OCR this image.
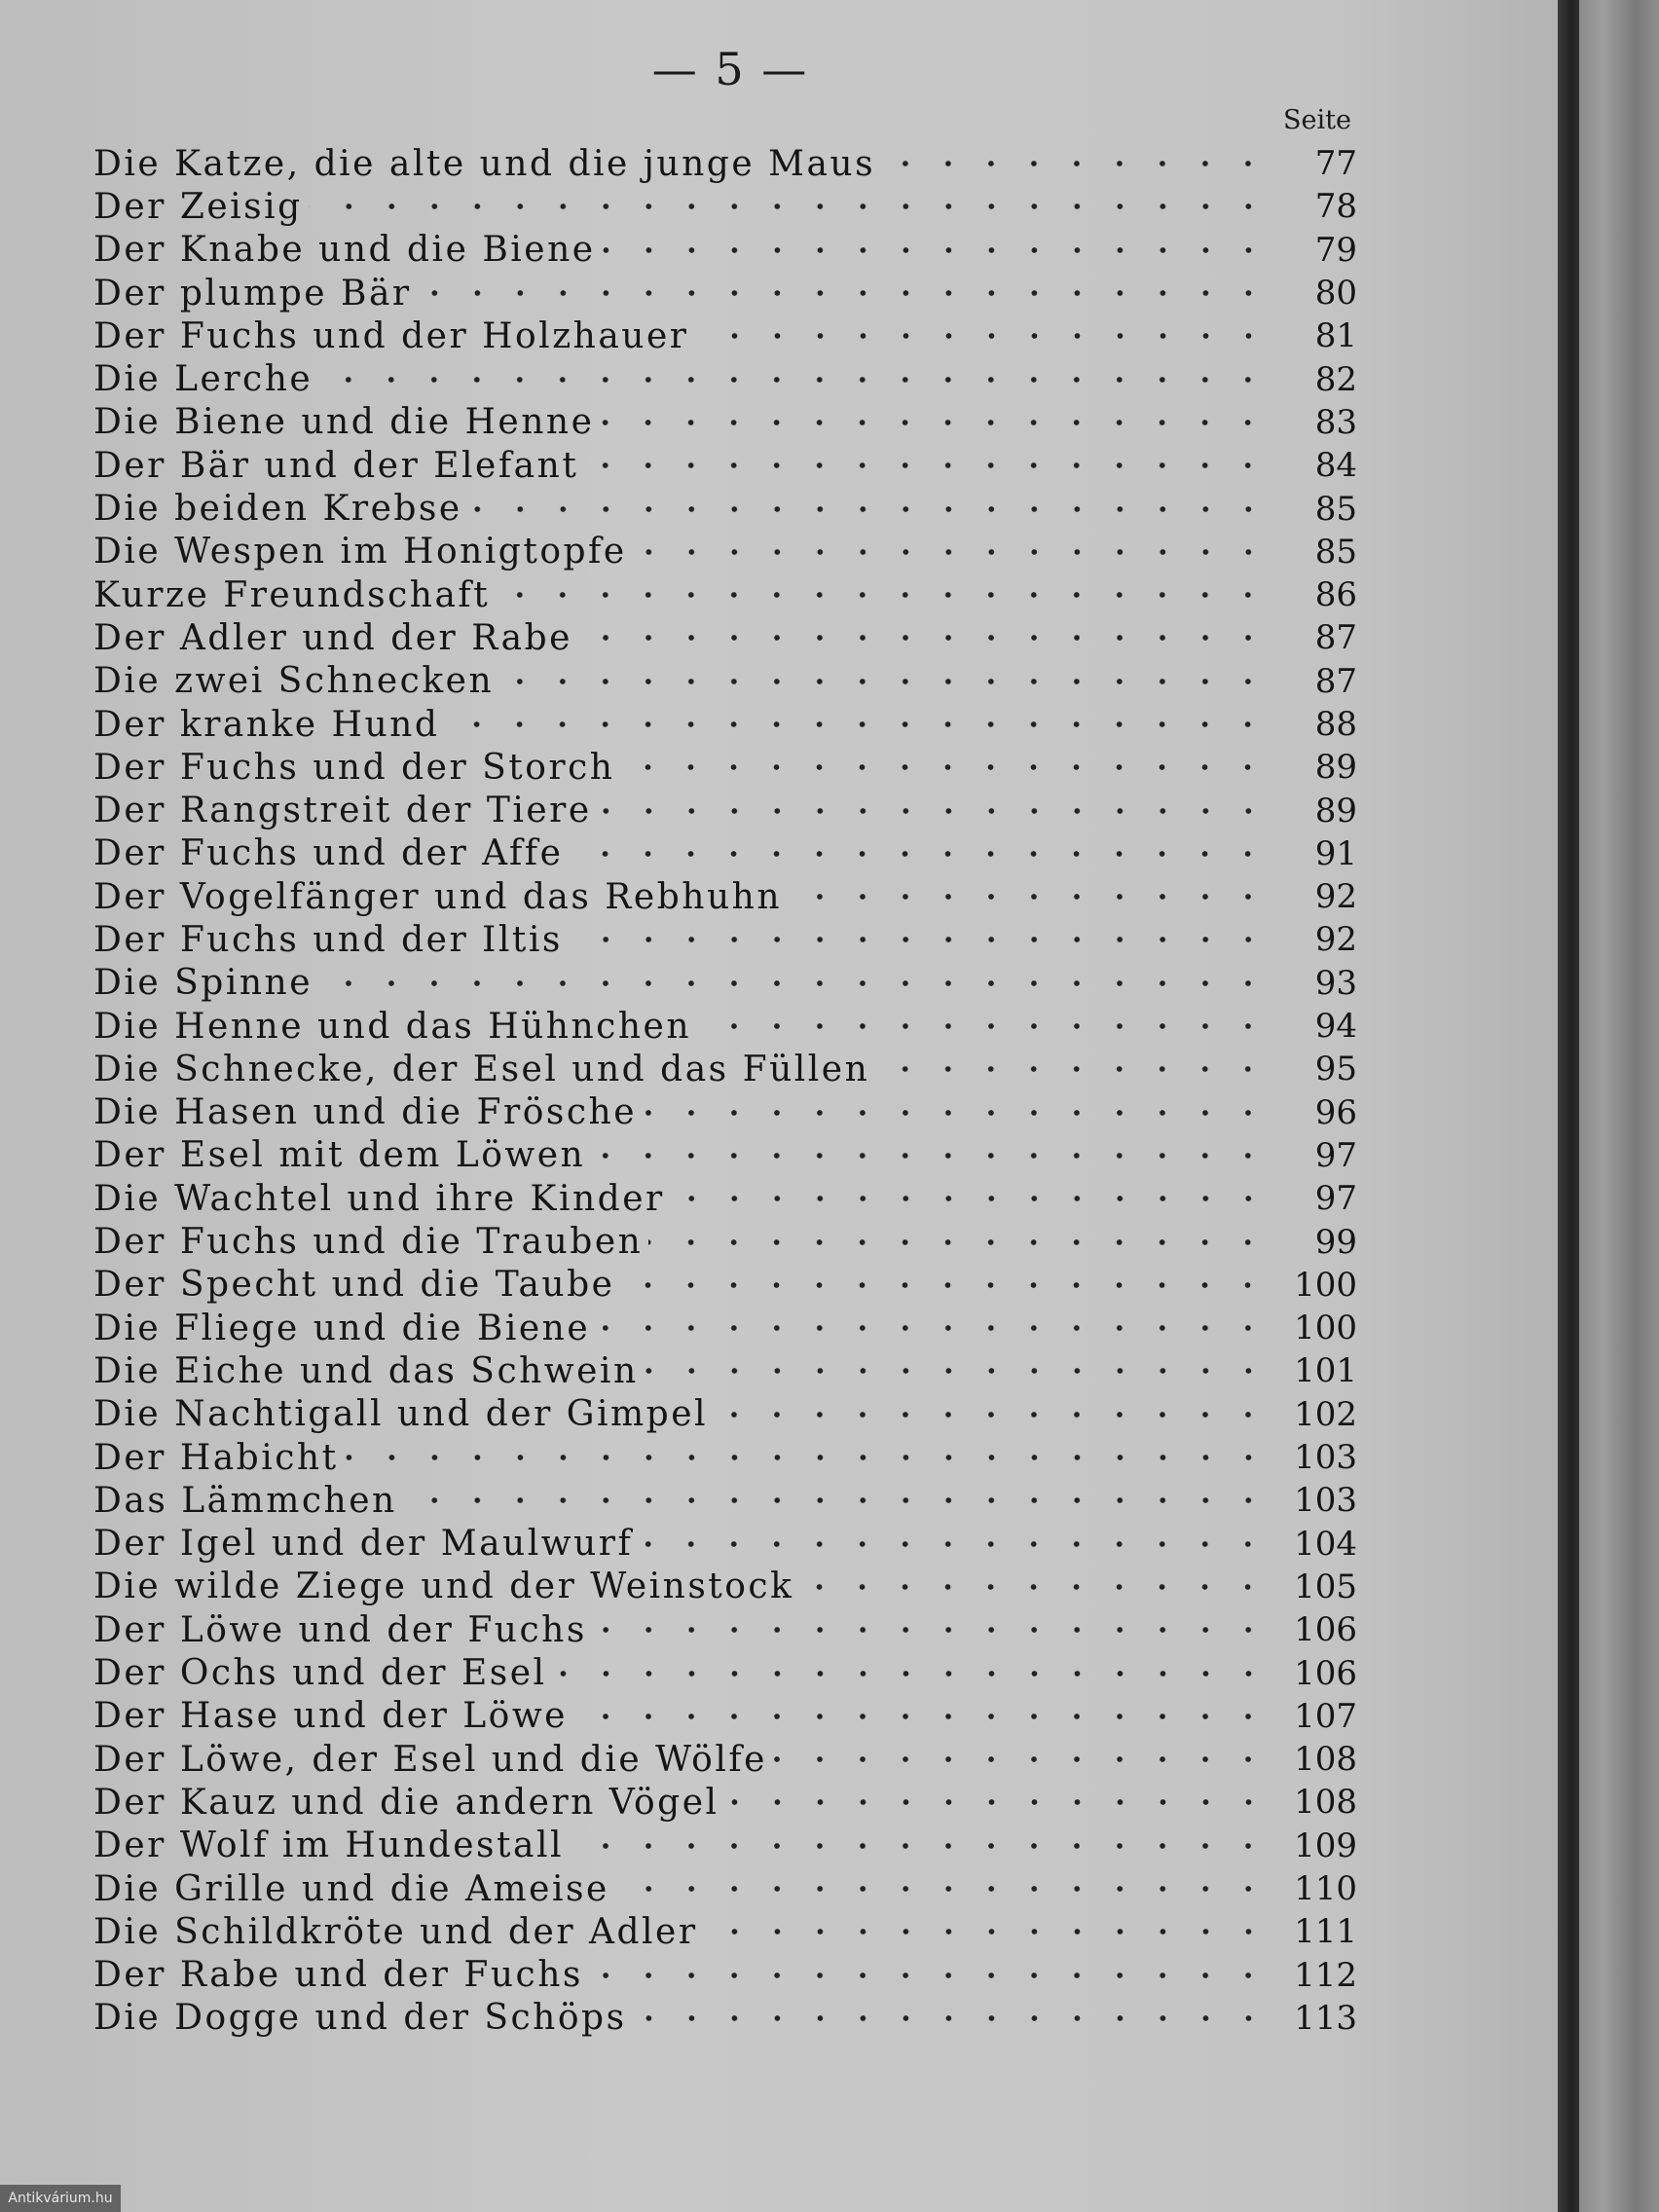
— 5 —
Seite
Die Katze, die alte und die junge Maus	77
Der Zeisig	78
Der Knabe und die Biene	79
Der plumpe Bär	80
Der Fuchs und der Holzhauer	81
Die Lerche	82
Die Biene und die Henne	83
Der Bär und der Elefant	84
Die beiden Krebse	85
Die Wespen im Honigtopfe	85
Kurze Freundschaft	86
Der Adler und der Rabe	87
Die zwei Schnecken	87
Der kranke Hund	88
Der Fuchs und der Storch	89
Der Rangstreit der Tiere	89
Der Fuchs und der Affe	91
Der Vogelfänger und das Rebhuhn	92
Der Fuchs und der Iltis	92
Die Spinne	93
Die Henne und das Hühnchen	94
Die Schnecke, der Esel und das Füllen	95
Die Hasen und die Frösche	96
Der Esel mit dem Löwen	97
Die Wachtel und ihre Kinder	97
Der Fuchs und die Trauben	99
Der Specht und die Taube	100
Die Fliege und die Biene	100
Die Eiche und das Schwein	101
Die Nachtigall und der Gimpel	102
Der Habicht	103
Das Lämmchen	103
Der Igel und der Maulwurf	104
Die wilde Ziege und der Weinstock	105
Der Löwe und der Fuchs	106
Der Ochs und der Esel	106
Der Hase und der Löwe	107
Der Löwe, der Esel und die Wölfe	108
Der Kauz und die andern Vögel	108
Der Wolf im Hundestall	109
Die Grille und die Ameise	110
Die Schildkröte und der Adler	111
Der Rabe und der Fuchs	112
Die Dogge und der Schöps	113
Antikvárium.hu
